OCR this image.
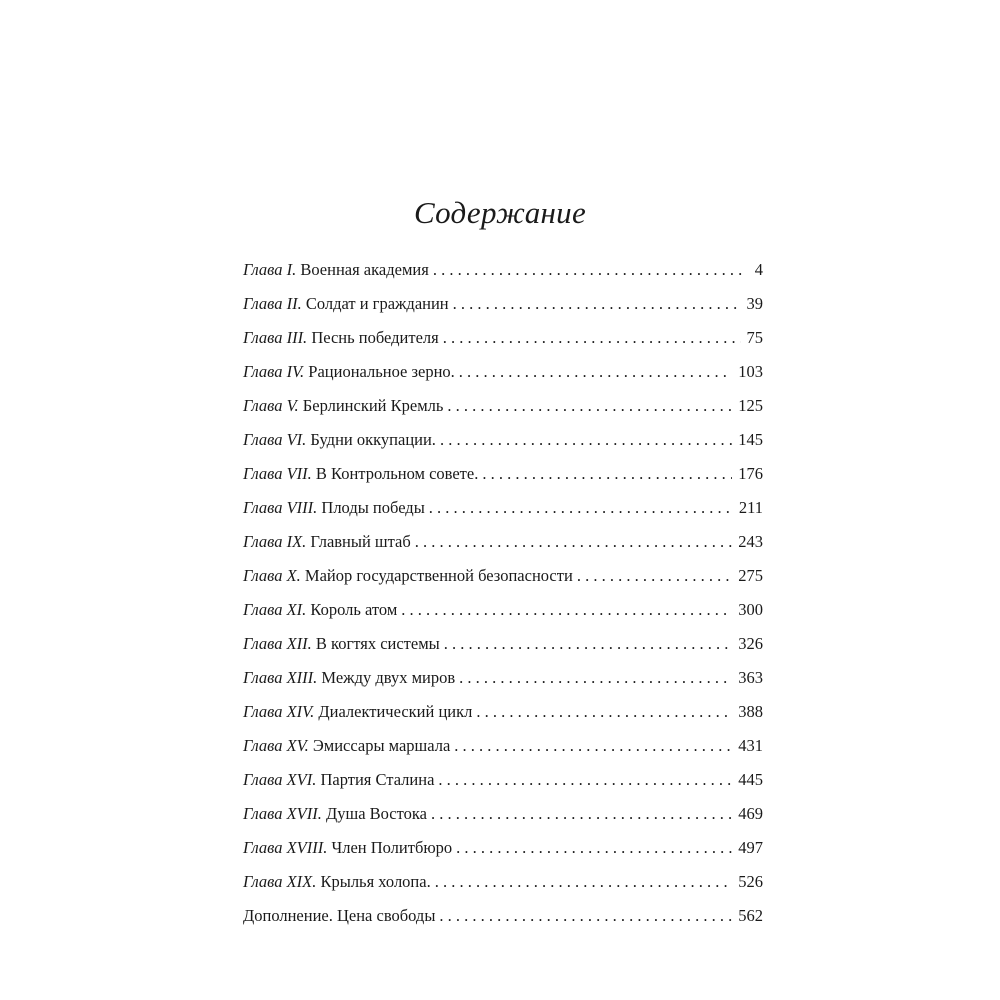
Содержание
Глава I. Военная академия . . .	4
Глава II. Солдат и гражданин . . .	39
Глава III. Песнь победителя . . .	75
Глава IV. Рациональное зерно. . . .	103
Глава V. Берлинский Кремль . . .	125
Глава VI. Будни оккупации. . . .	145
Глава VII. В Контрольном совете. . . .	176
Глава VIII. Плоды победы . . .	211
Глава IX. Главный штаб . . .	243
Глава X. Майор государственной безопасности . . .	275
Глава XI. Король атом . . .	300
Глава XII. В когтях системы . . .	326
Глава XIII. Между двух миров . . .	363
Глава XIV. Диалектический цикл . . .	388
Глава XV. Эмиссары маршала . . .	431
Глава XVI. Партия Сталина . . .	445
Глава XVII. Душа Востока . . .	469
Глава XVIII. Член Политбюро . . .	497
Глава XIX. Крылья холопа. . . .	526
Дополнение. Цена свободы . . .	562
